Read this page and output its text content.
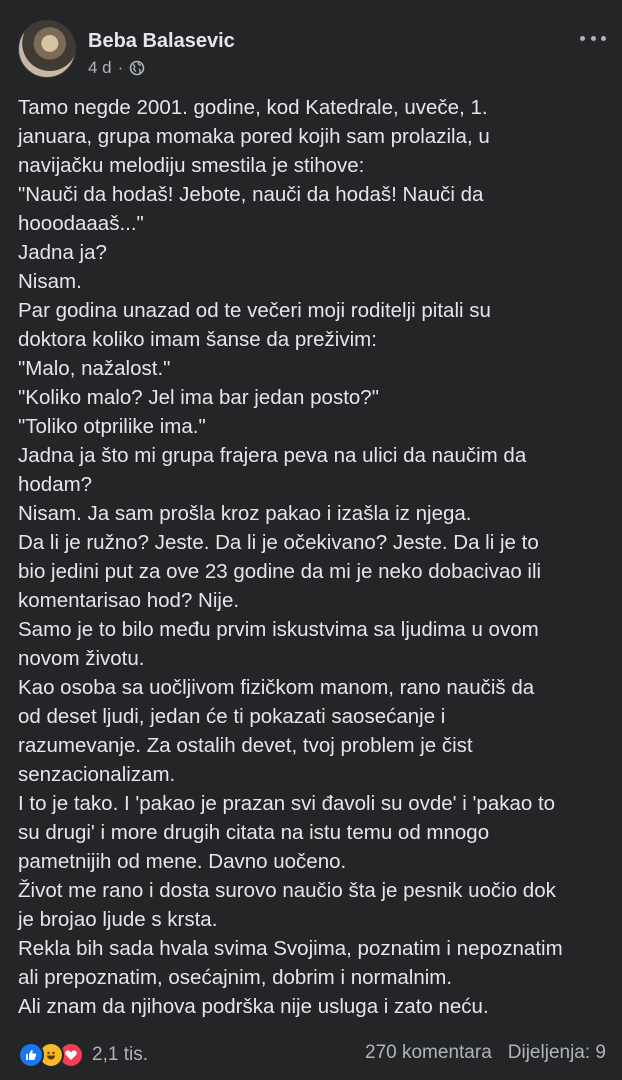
Beba Balasevic
4 d ·

Tamo negde 2001. godine, kod Katedrale, uveče, 1.

januara, grupa momaka pored kojih sam prolazila, u

navijačku melodiju smestila je stihove:

"Nauči da hodaš! Jebote, nauči da hodaš! Nauči da

hooodaaaš..."

Jadna ja?

Nisam.

Par godina unazad od te večeri moji roditelji pitali su

doktora koliko imam šanse da preživim:

"Malo, nažalost."

"Koliko malo? Jel ima bar jedan posto?"

"Toliko otprilike ima."

Jadna ja što mi grupa frajera peva na ulici da naučim da

hodam?

Nisam. Ja sam prošla kroz pakao i izašla iz njega.

Da li je ružno? Jeste. Da li je očekivano? Jeste. Da li je to

bio jedini put za ove 23 godine da mi je neko dobacivao ili

komentarisao hod? Nije.

Samo je to bilo među prvim iskustvima sa ljudima u ovom

novom životu.

Kao osoba sa uočljivom fizičkom manom, rano naučiš da

od deset ljudi, jedan će ti pokazati saosećanje i

razumevanje. Za ostalih devet, tvoj problem je čist

senzacionalizam.

I to je tako. I 'pakao je prazan svi đavoli su ovde' i 'pakao to

su drugi' i more drugih citata na istu temu od mnogo

pametnijih od mene. Davno uočeno.

Život me rano i dosta surovo naučio šta je pesnik uočio dok

je brojao ljude s krsta.

Rekla bih sada hvala svima Svojima, poznatim i nepoznatim

ali prepoznatim, osećajnim, dobrim i normalnim.

Ali znam da njihova podrška nije usluga i zato neću.

2,1 tis.	270 komentara Dijeljenja: 9
